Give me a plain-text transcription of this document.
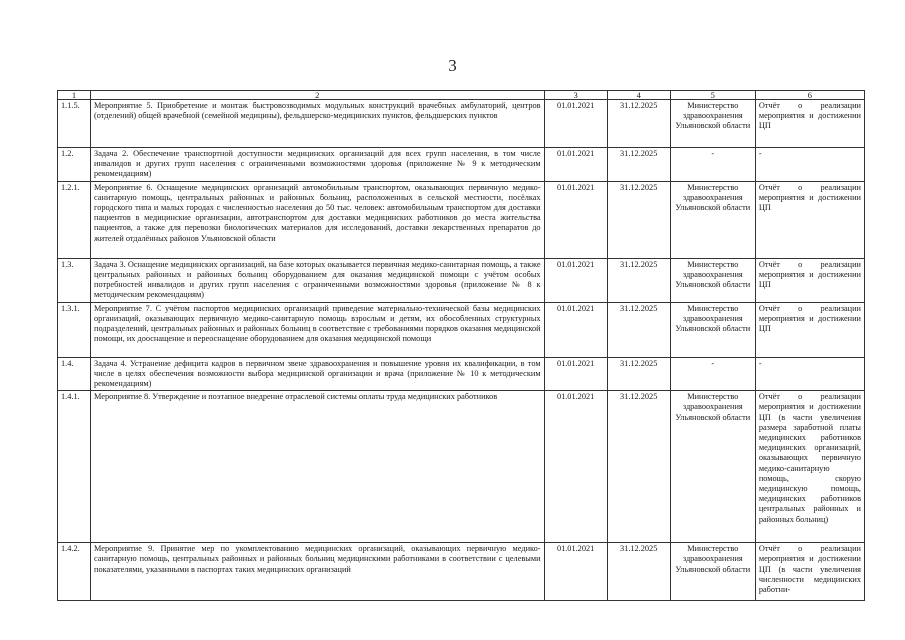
3
1	2	3	4	5	6
1.1.5.	Мероприятие 5. Приобретение и монтаж быстровозводимых модульных конструкций врачебных амбулаторий, центров (отделений) общей врачебной (семейной медицины), фельдшерско-медицинских пунктов, фельдшерских пунктов	01.01.2021	31.12.2025	Министерство здравоохранения Ульяновской области	Отчёт о реализации мероприятия и достижении ЦП
1.2.	Задача 2. Обеспечение транспортной доступности медицинских организаций для всех групп населения, в том числе инвалидов и других групп населения с ограниченными возможностями здоровья (приложение № 9 к методическим рекомендациям)	01.01.2021	31.12.2025	-	-
1.2.1.	Мероприятие 6. Оснащение медицинских организаций автомобильным транспортом, оказывающих первичную медико-санитарную помощь, центральных районных и районных больниц, расположенных в сельской местности, посёлках городского типа и малых городах с численностью населения до 50 тыс. человек: автомобильным транспортом для доставки пациентов в медицинские организации, автотранспортом для доставки медицинских работников до места жительства пациентов, а также для перевозки биологических материалов для исследований, доставки лекарственных препаратов до жителей отдалённых районов Ульяновской области	01.01.2021	31.12.2025	Министерство здравоохранения Ульяновской области	Отчёт о реализации мероприятия и достижении ЦП
1.3.	Задача 3. Оснащение медицинских организаций, на базе которых оказывается первичная медико-санитарная помощь, а также центральных районных и районных больниц оборудованием для оказания медицинской помощи с учётом особых потребностей инвалидов и других групп населения с ограниченными возможностями здоровья (приложение № 8 к методическим рекомендациям)	01.01.2021	31.12.2025	Министерство здравоохранения Ульяновской области	Отчёт о реализации мероприятия и достижении ЦП
1.3.1.	Мероприятие 7. С учётом паспортов медицинских организаций приведение материально-технической базы медицинских организаций, оказывающих первичную медико-санитарную помощь взрослым и детям, их обособленных структурных подразделений, центральных районных и районных больниц в соответствие с требованиями порядков оказания медицинской помощи, их дооснащение и переоснащение оборудованием для оказания медицинской помощи	01.01.2021	31.12.2025	Министерство здравоохранения Ульяновской области	Отчёт о реализации мероприятия и достижении ЦП
1.4.	Задача 4. Устранение дефицита кадров в первичном звене здравоохранения и повышение уровня их квалификации, в том числе в целях обеспечения возможности выбора медицинской организации и врача (приложение № 10 к методическим рекомендациям)	01.01.2021	31.12.2025	-	-
1.4.1.	Мероприятие 8. Утверждение и поэтапное внедрение отраслевой системы оплаты труда медицинских работников	01.01.2021	31.12.2025	Министерство здравоохранения Ульяновской области	Отчёт о реализации мероприятия и достижении ЦП (в части увеличения размера заработной платы медицинских работников медицинских организаций, оказывающих первичную медико-санитарную помощь, скорую медицинскую помощь, медицинских работников центральных районных и районных больниц)
1.4.2.	Мероприятие 9. Принятие мер по укомплектованию медицинских организаций, оказывающих первичную медико-санитарную помощь, центральных районных и районных больниц медицинскими работниками в соответствии с целевыми показателями, указанными в паспортах таких медицинских организаций	01.01.2021	31.12.2025	Министерство здравоохранения Ульяновской области	Отчёт о реализации мероприятия и достижении ЦП (в части увеличения численности медицинских работни-
